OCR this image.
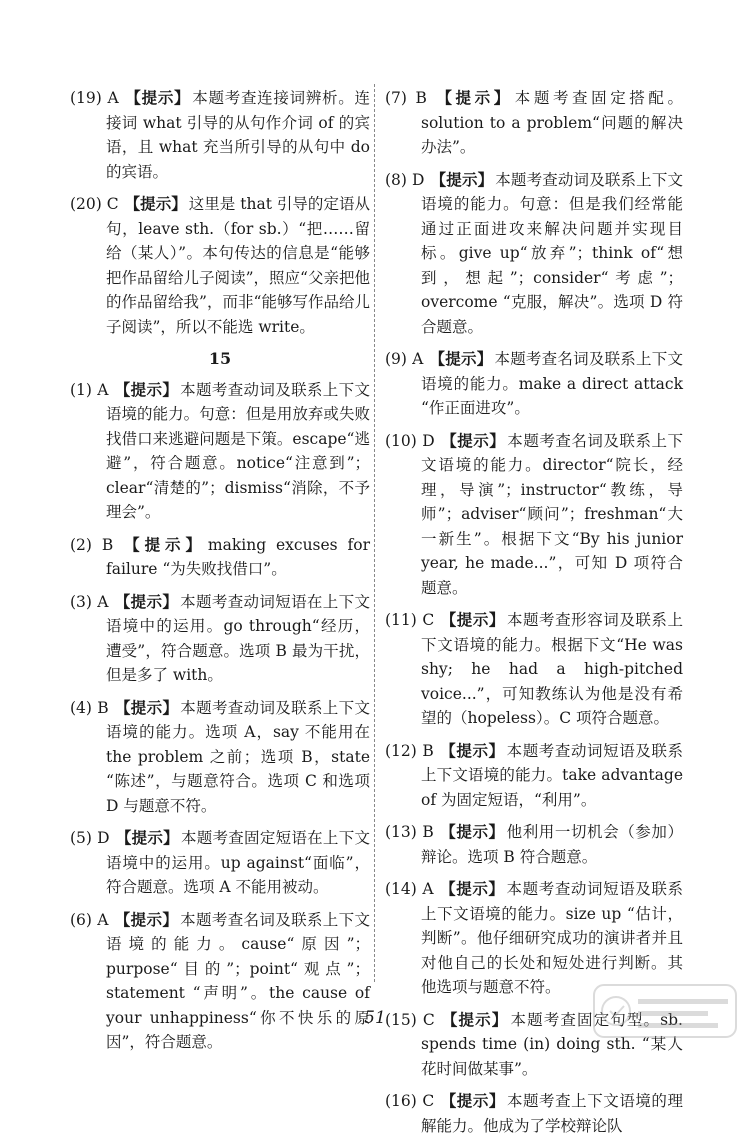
(19) A 【提示】 本题考查连接词辨析。连接词 what 引导的从句作介词 of 的宾语，且 what 充当所引导的从句中 do 的宾语。

(20) C 【提示】 这里是 that 引导的定语从句，leave sth.（for sb.）“把……留给（某人）”。本句传达的信息是“能够把作品留给儿子阅读”，照应“父亲把他的作品留给我”，而非“能够写作品给儿子阅读”，所以不能选 write。

15

(1) A 【提示】 本题考查动词及联系上下文语境的能力。句意：但是用放弃或失败找借口来逃避问题是下策。escape“逃避”，符合题意。notice“注意到”；clear“清楚的”；dismiss“消除，不予理会”。

(2) B 【提示】 making excuses for failure “为失败找借口”。

(3) A 【提示】 本题考查动词短语在上下文语境中的运用。go through“经历，遭受”，符合题意。选项 B 最为干扰，但是多了 with。

(4) B 【提示】 本题考查动词及联系上下文语境的能力。选项 A，say 不能用在 the problem 之前；选项 B，state “陈述”，与题意符合。选项 C 和选项 D 与题意不符。

(5) D 【提示】 本题考查固定短语在上下文语境中的运用。up against“面临”，符合题意。选项 A 不能用被动。

(6) A 【提示】 本题考查名词及联系上下文语境的能力。cause“原因”；purpose“目的”；point“观点”；statement “声明”。the cause of your unhappiness“你不快乐的原因”，符合题意。

(7) B 【提示】 本题考查固定搭配。solution to a problem“问题的解决办法”。

(8) D 【提示】 本题考查动词及联系上下文语境的能力。句意：但是我们经常能通过正面进攻来解决问题并实现目标。give up“放弃”；think of“想到，想起”；consider“考虑”；overcome “克服，解决”。选项 D 符合题意。

(9) A 【提示】 本题考查名词及联系上下文语境的能力。make a direct attack “作正面进攻”。

(10) D 【提示】 本题考查名词及联系上下文语境的能力。director“院长，经理，导演”；instructor“教练，导师”；adviser“顾问”；freshman“大一新生”。根据下文“By his junior year, he made...”，可知 D 项符合题意。

(11) C 【提示】 本题考查形容词及联系上下文语境的能力。根据下文“He was shy; he had a high-pitched voice...”，可知教练认为他是没有希望的（hopeless）。C 项符合题意。

(12) B 【提示】 本题考查动词短语及联系上下文语境的能力。take advantage of 为固定短语，“利用”。

(13) B 【提示】 他利用一切机会（参加）辩论。选项 B 符合题意。

(14) A 【提示】 本题考查动词短语及联系上下文语境的能力。size up “估计，判断”。他仔细研究成功的演讲者并且对他自己的长处和短处进行判断。其他选项与题意不符。

(15) C 【提示】 本题考查固定句型。sb. spends time (in) doing sth. “某人花时间做某事”。

(16) C 【提示】 本题考查上下文语境的理解能力。他成为了学校辩论队

51
